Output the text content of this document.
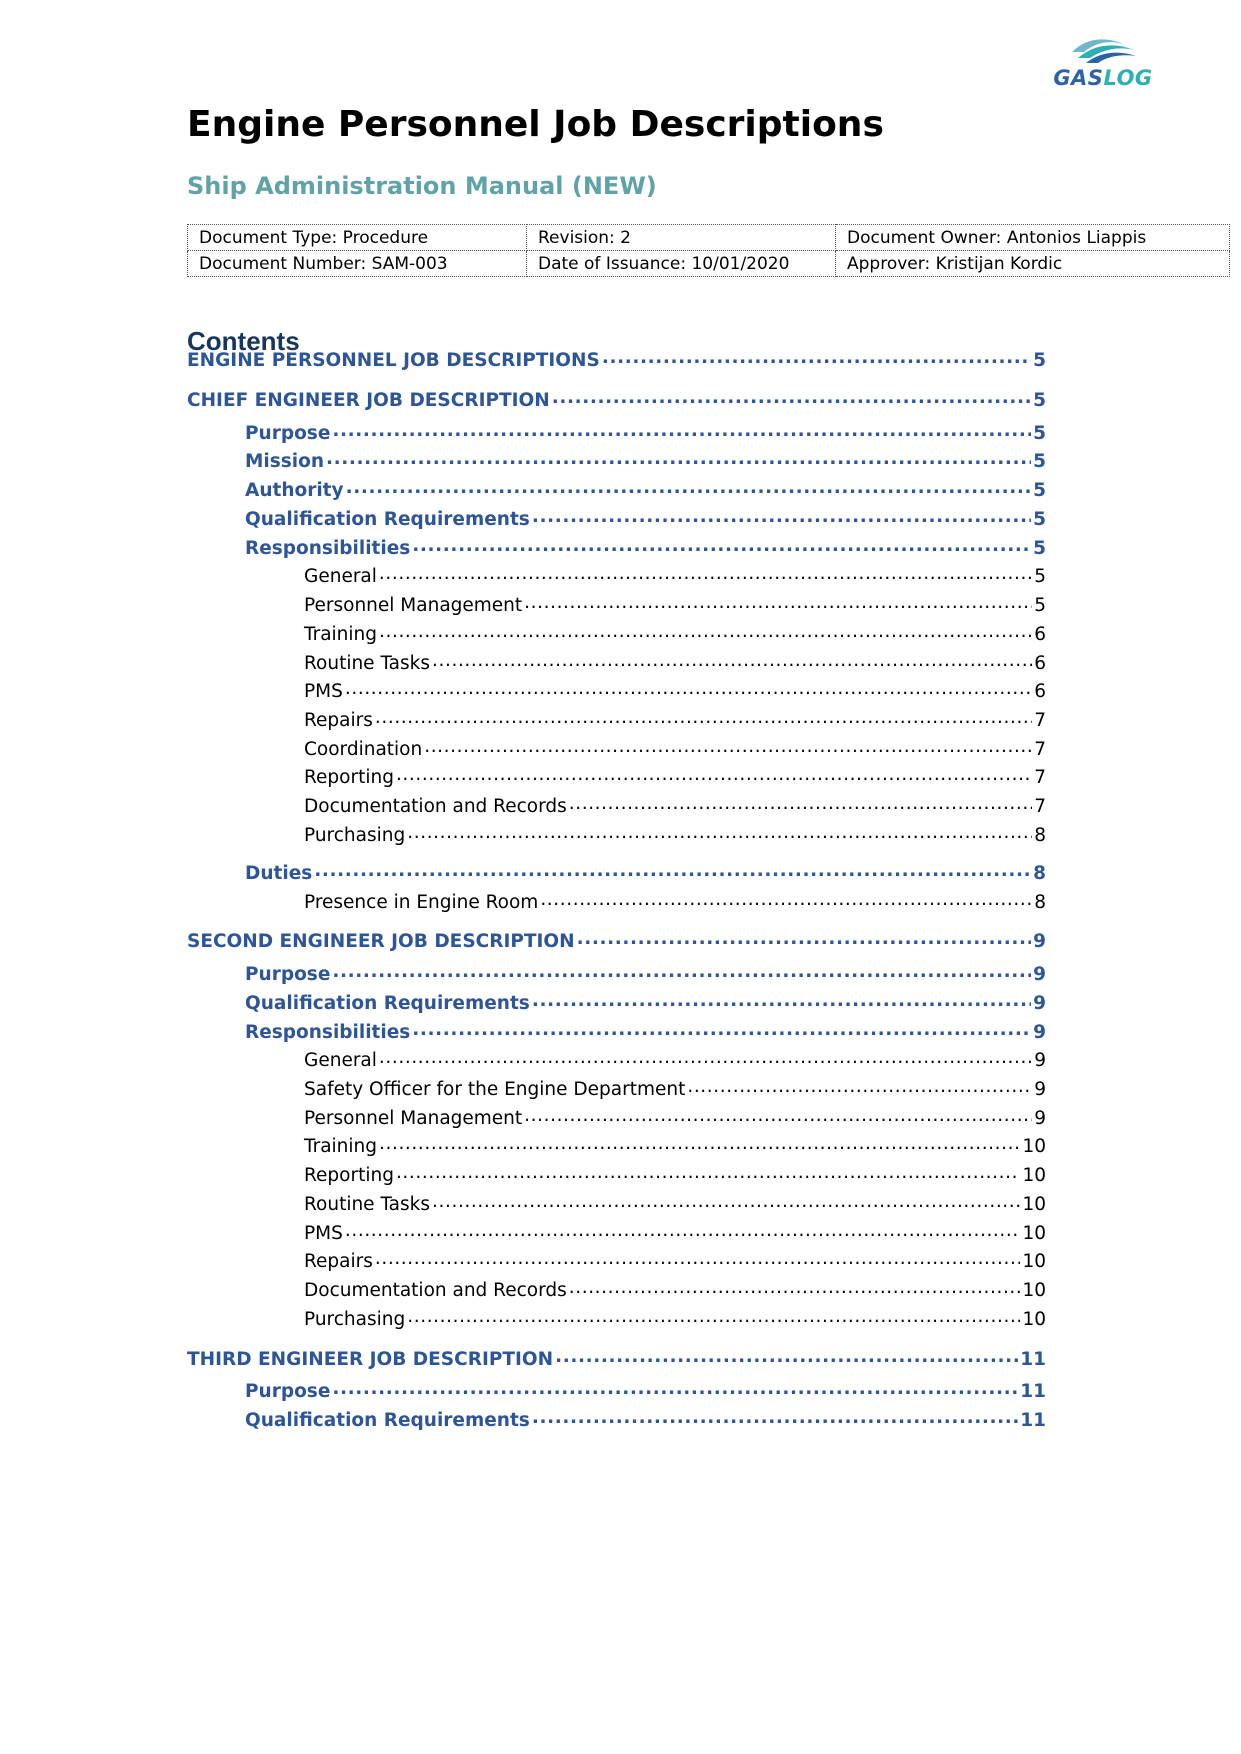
GASLOG
Engine Personnel Job Descriptions
Ship Administration Manual (NEW)
Document Type: Procedure	Revision: 2	Document Owner: Antonios Liappis
Document Number: SAM-003	Date of Issuance: 10/01/2020	Approver: Kristijan Kordic
Contents
ENGINE PERSONNEL JOB DESCRIPTIONS .....	5
CHIEF ENGINEER JOB DESCRIPTION .....	5
Purpose .....	5
Mission .....	5
Authority .....	5
Qualification Requirements .....	5
Responsibilities .....	5
General .....	5
Personnel Management .....	5
Training .....	6
Routine Tasks .....	6
PMS .....	6
Repairs .....	7
Coordination .....	7
Reporting .....	7
Documentation and Records .....	7
Purchasing .....	8
Duties .....	8
Presence in Engine Room .....	8
SECOND ENGINEER JOB DESCRIPTION .....	9
Purpose .....	9
Qualification Requirements .....	9
Responsibilities .....	9
General .....	9
Safety Officer for the Engine Department .....	9
Personnel Management .....	9
Training .....	10
Reporting .....	10
Routine Tasks .....	10
PMS .....	10
Repairs .....	10
Documentation and Records .....	10
Purchasing .....	10
THIRD ENGINEER JOB DESCRIPTION .....	11
Purpose .....	11
Qualification Requirements .....	11
